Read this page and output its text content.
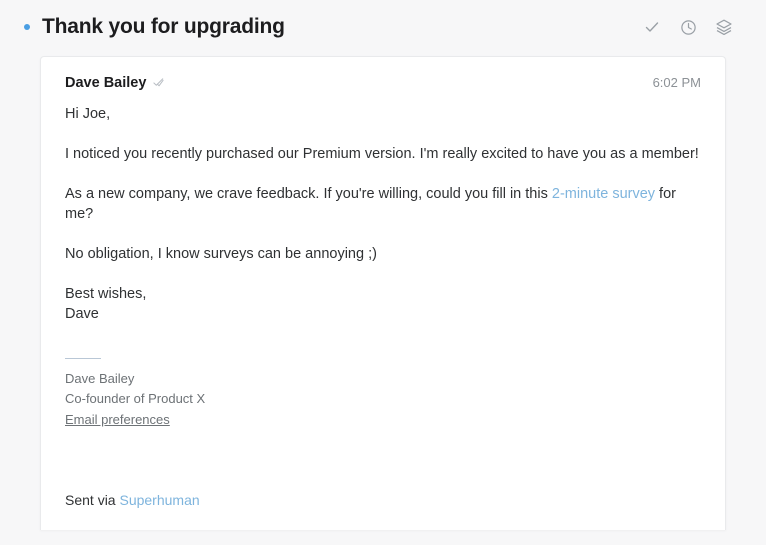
Thank you for upgrading
Dave Bailey	6:02 PM

Hi Joe,

I noticed you recently purchased our Premium version. I'm really excited to have you as a member!

As a new company, we crave feedback. If you're willing, could you fill in this 2-minute survey for me?

No obligation, I know surveys can be annoying ;)

Best wishes,

Dave

Dave Bailey
Co-founder of Product X
Email preferences
Sent via Superhuman
